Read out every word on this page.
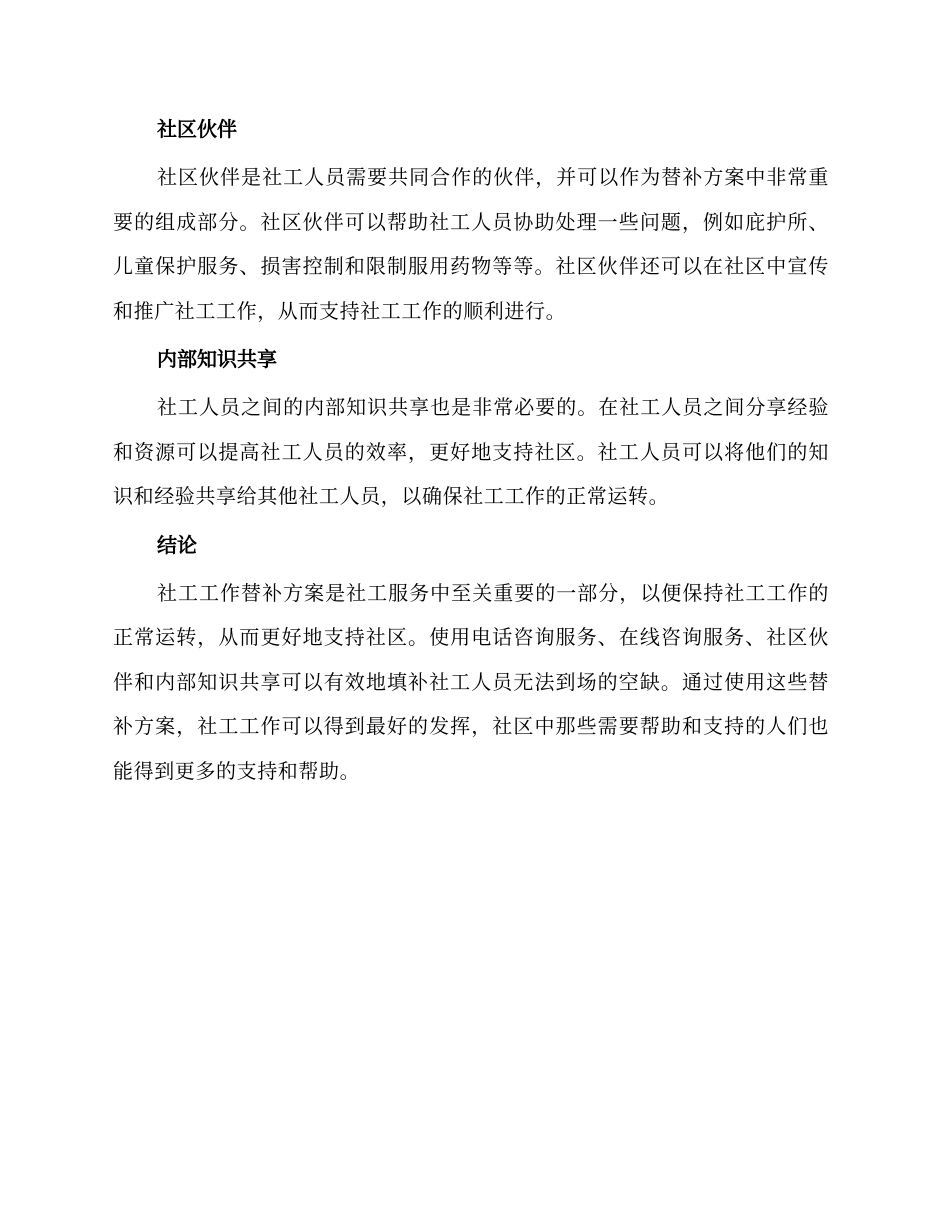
社区伙伴

社区伙伴是社工人员需要共同合作的伙伴，并可以作为替补方案中非常重要的组成部分。社区伙伴可以帮助社工人员协助处理一些问题，例如庇护所、儿童保护服务、损害控制和限制服用药物等等。社区伙伴还可以在社区中宣传和推广社工工作，从而支持社工工作的顺利进行。

内部知识共享

社工人员之间的内部知识共享也是非常必要的。在社工人员之间分享经验和资源可以提高社工人员的效率，更好地支持社区。社工人员可以将他们的知识和经验共享给其他社工人员，以确保社工工作的正常运转。

结论

社工工作替补方案是社工服务中至关重要的一部分，以便保持社工工作的正常运转，从而更好地支持社区。使用电话咨询服务、在线咨询服务、社区伙伴和内部知识共享可以有效地填补社工人员无法到场的空缺。通过使用这些替补方案，社工工作可以得到最好的发挥，社区中那些需要帮助和支持的人们也能得到更多的支持和帮助。
